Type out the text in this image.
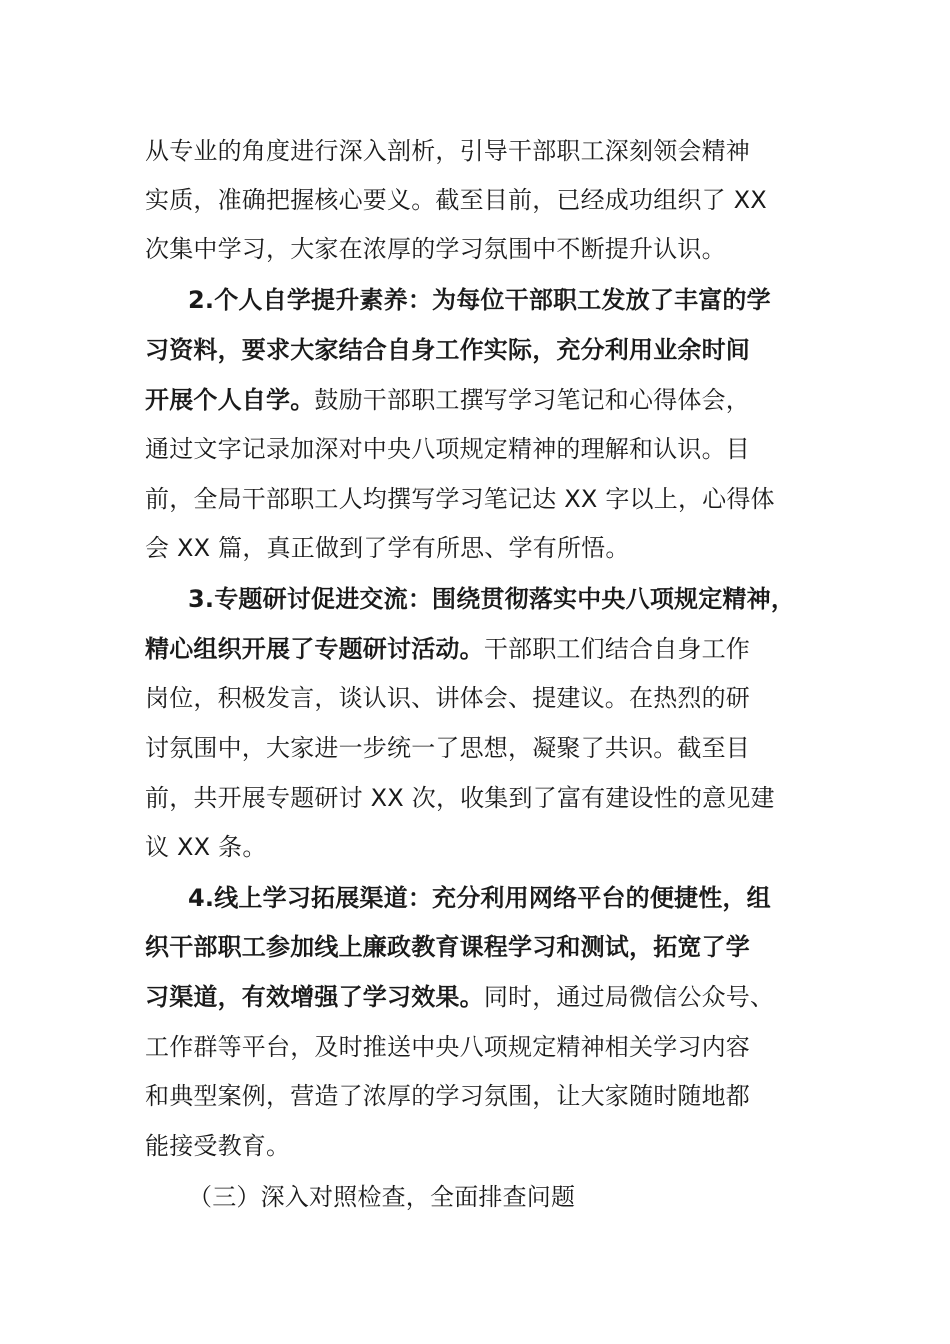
从专业的角度进行深入剖析，引导干部职工深刻领会精神
实质，准确把握核心要义。截至目前，已经成功组织了 XX
次集中学习，大家在浓厚的学习氛围中不断提升认识。
2.个人自学提升素养：为每位干部职工发放了丰富的学
习资料，要求大家结合自身工作实际，充分利用业余时间
开展个人自学。鼓励干部职工撰写学习笔记和心得体会，
通过文字记录加深对中央八项规定精神的理解和认识。目
前，全局干部职工人均撰写学习笔记达 XX 字以上，心得体
会 XX 篇，真正做到了学有所思、学有所悟。
3.专题研讨促进交流：围绕贯彻落实中央八项规定精神，
精心组织开展了专题研讨活动。干部职工们结合自身工作
岗位，积极发言，谈认识、讲体会、提建议。在热烈的研
讨氛围中，大家进一步统一了思想，凝聚了共识。截至目
前，共开展专题研讨 XX 次，收集到了富有建设性的意见建
议 XX 条。
4.线上学习拓展渠道：充分利用网络平台的便捷性，组
织干部职工参加线上廉政教育课程学习和测试，拓宽了学
习渠道，有效增强了学习效果。同时，通过局微信公众号、
工作群等平台，及时推送中央八项规定精神相关学习内容
和典型案例，营造了浓厚的学习氛围，让大家随时随地都
能接受教育。
（三）深入对照检查，全面排查问题
